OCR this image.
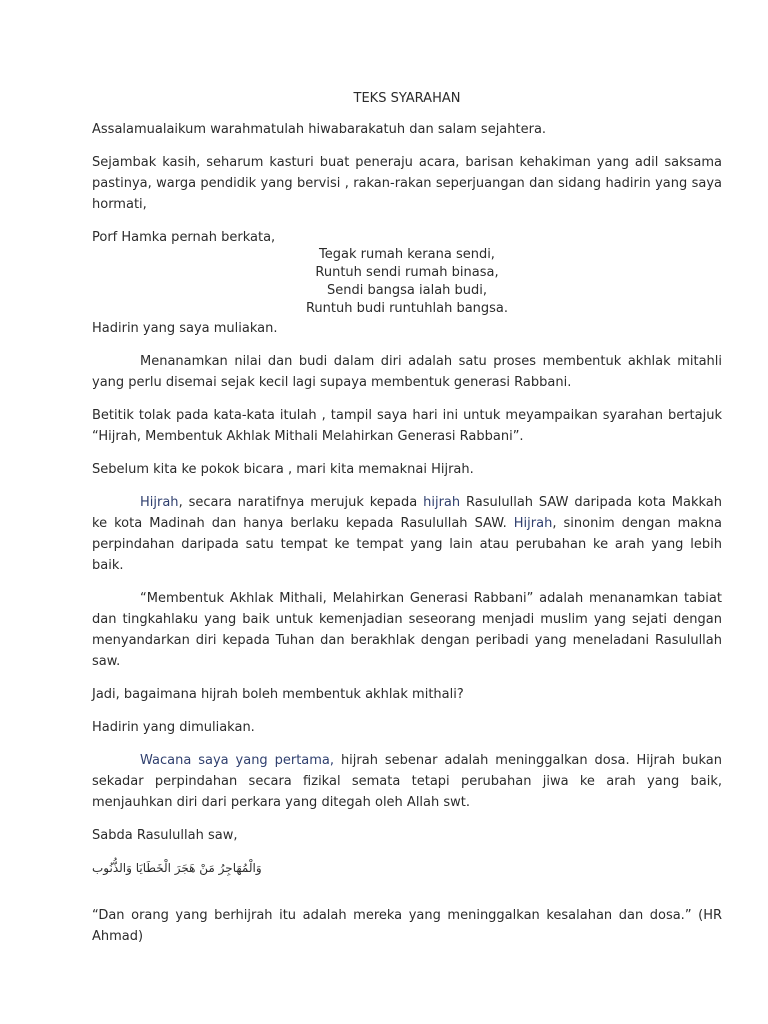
TEKS SYARAHAN

Assalamualaikum warahmatulah hiwabarakatuh dan salam sejahtera.

Sejambak kasih, seharum kasturi buat peneraju acara, barisan kehakiman yang adil saksama pastinya, warga pendidik yang bervisi , rakan-rakan seperjuangan dan sidang hadirin yang saya hormati,

Porf Hamka pernah berkata,

Tegak rumah kerana sendi,
Runtuh sendi rumah binasa,
Sendi bangsa ialah budi,
Runtuh budi runtuhlah bangsa.

Hadirin yang saya muliakan.

Menanamkan nilai dan budi dalam diri adalah satu proses membentuk akhlak mitahli yang perlu disemai sejak kecil lagi supaya membentuk generasi Rabbani.

Betitik tolak pada kata-kata itulah , tampil saya hari ini untuk meyampaikan syarahan bertajuk “Hijrah, Membentuk Akhlak Mithali Melahirkan Generasi Rabbani”.

Sebelum kita ke pokok bicara , mari kita memaknai Hijrah.

Hijrah, secara naratifnya merujuk kepada hijrah Rasulullah SAW daripada kota Makkah ke kota Madinah dan hanya berlaku kepada Rasulullah SAW. Hijrah, sinonim dengan makna perpindahan daripada satu tempat ke tempat yang lain atau perubahan ke arah yang lebih baik.

“Membentuk Akhlak Mithali, Melahirkan Generasi Rabbani” adalah menanamkan tabiat dan tingkahlaku yang baik untuk kemenjadian seseorang menjadi muslim yang sejati dengan menyandarkan diri kepada Tuhan dan berakhlak dengan peribadi yang meneladani Rasulullah saw.

Jadi, bagaimana hijrah boleh membentuk akhlak mithali?

Hadirin yang dimuliakan.

Wacana saya yang pertama, hijrah sebenar adalah meninggalkan dosa. Hijrah bukan sekadar perpindahan secara fizikal semata tetapi perubahan jiwa ke arah yang baik, menjauhkan diri dari perkara yang ditegah oleh Allah swt.

Sabda Rasulullah saw,

وَالْمُهَاجِرُ مَنْ هَجَرَ الْخَطَايَا وَالذُّنُوب

“Dan orang yang berhijrah itu adalah mereka yang meninggalkan kesalahan dan dosa.” (HR Ahmad)
